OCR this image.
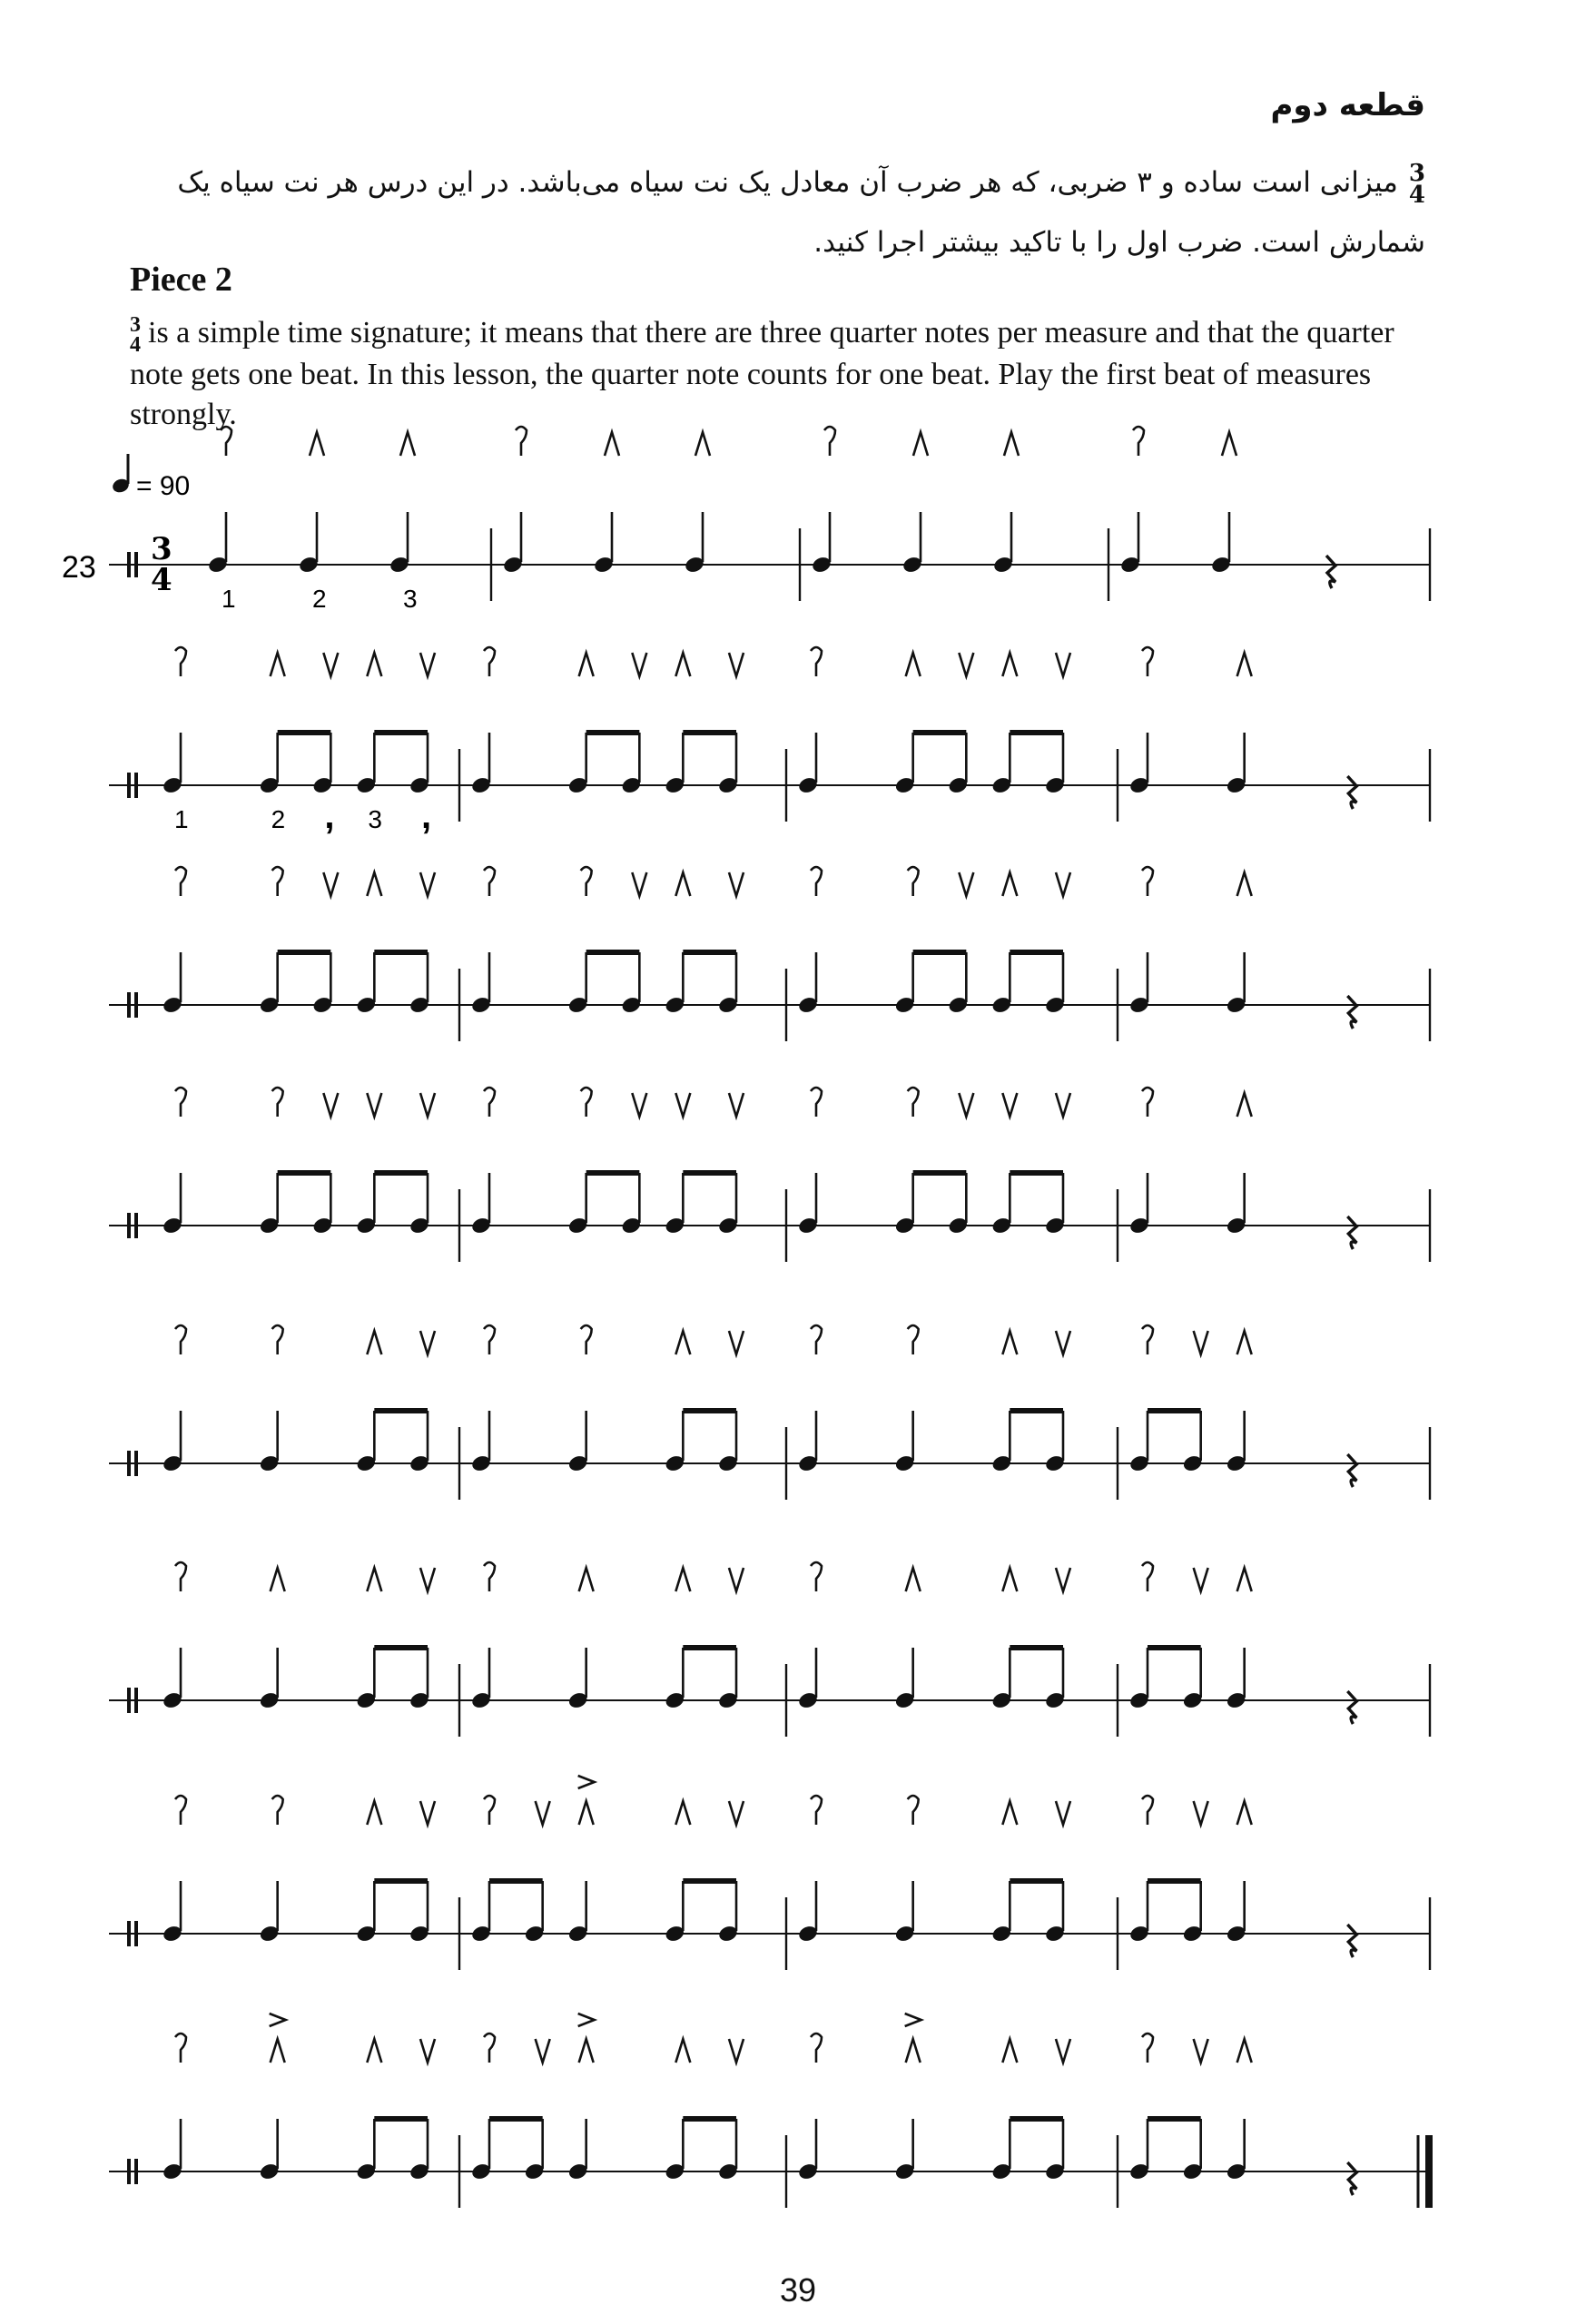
قطعه دوم
3
4میزانی است ساده و ۳ ضربی، که هر ضرب آن معادل یک نت سیاه می‌باشد. در این درس هر نت سیاه یک شمارش است. ضرب اول را با تاکید بیشتر اجرا کنید.
Piece 2
3
4 is a simple time signature; it means that there are three quarter notes per measure and that the quarter note gets one beat. In this lesson, the quarter note counts for one beat. Play the first beat of measures strongly.
= 90
23 3
4
1	2	3
1	2 , 3 ,
39
